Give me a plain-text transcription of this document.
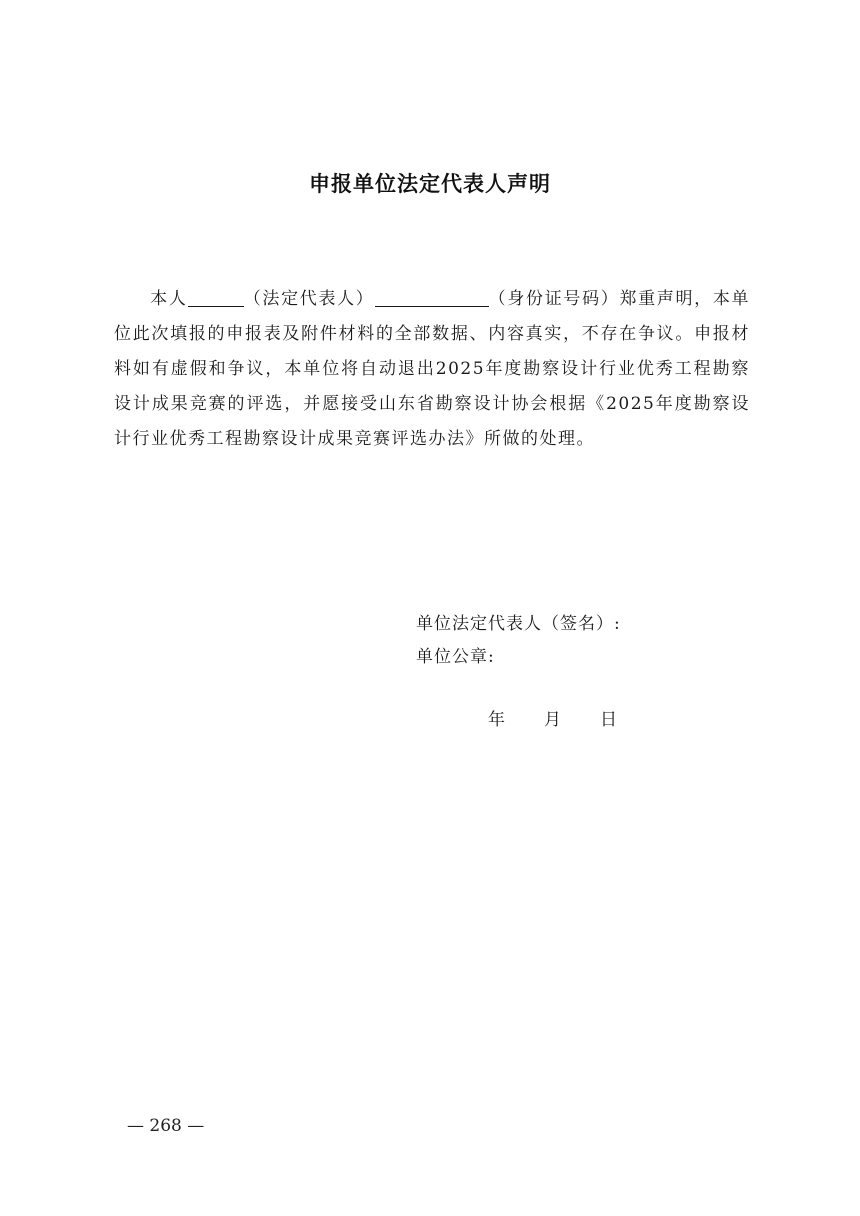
申报单位法定代表人声明
本人	（法定代表人）	（身份证号码）郑重声明，本单位此次填报的申报表及附件材料的全部数据、内容真实，不存在争议。申报材料如有虚假和争议，本单位将自动退出2025年度勘察设计行业优秀工程勘察设计成果竞赛的评选，并愿接受山东省勘察设计协会根据《2025年度勘察设计行业优秀工程勘察设计成果竞赛评选办法》所做的处理。
单位法定代表人（签名）:
单位公章:
年 月 日
— 268 —
